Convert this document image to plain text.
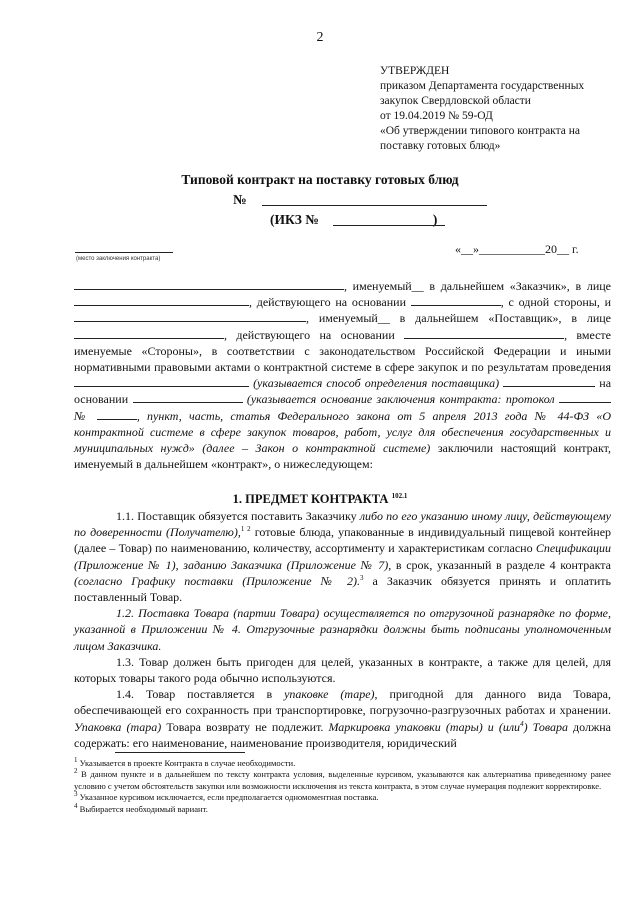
2
УТВЕРЖДЕН
приказом Департамента государственных
закупок Свердловской области
от 19.04.2019 № 59-ОД
«Об утверждении типового контракта на
поставку готовых блюд»
Типовой контракт на поставку готовых блюд
№
(ИКЗ №	)
(место заключения контракта)
«__»___________20__ г.

, именуемый__ в дальнейшем «Заказчик», в лице , действующего на основании	, с одной стороны, и , именуемый__ в дальнейшем «Поставщик», в лице , действующего на основании	, вместе именуемые «Стороны», в соответствии с законодательством Российской Федерации и иными нормативными правовыми актами о контрактной системе в сфере закупок и по результатам проведения  (указывается способ определения поставщика)	на основании	(указывается основание заключения контракта: протокол  №	, пункт, часть, статья Федерального закона от 5 апреля 2013 года № 44-ФЗ «О контрактной системе в сфере закупок товаров, работ, услуг для обеспечения государственных и муниципальных нужд» (далее – Закон о контрактной системе) заключили настоящий контракт, именуемый в дальнейшем «контракт», о нижеследующем:

1. ПРЕДМЕТ КОНТРАКТА $^{102.1}$

1.1. Поставщик обязуется поставить Заказчику либо по его указанию иному лицу, действующему по доверенности (Получателю),$^{1 2}$ готовые блюда, упакованные в индивидуальный пищевой контейнер (далее – Товар) по наименованию, количеству, ассортименту и характеристикам согласно Спецификации (Приложение № 1), заданию Заказчика (Приложение № 7), в срок, указанный в разделе 4 контракта (согласно Графику поставки (Приложение № 2).$^3$ а Заказчик обязуется принять и оплатить поставленный Товар.

1.2. Поставка Товара (партии Товара) осуществляется по отгрузочной разнарядке по форме, указанной в Приложении № 4. Отгрузочные разнарядки должны быть подписаны уполномоченным лицом Заказчика.

1.3. Товар должен быть пригоден для целей, указанных в контракте, а также для целей, для которых товары такого рода обычно используются.

1.4. Товар поставляется в упаковке (таре), пригодной для данного вида Товара, обеспечивающей его сохранность при транспортировке, погрузочно-разгрузочных работах и хранении. Упаковка (тара) Товара возврату не подлежит. Маркировка упаковки (тары) и (или$^4$) Товара должна содержать: его наименование, наименование производителя, юридический

$^1$ Указывается в проекте Контракта в случае необходимости.
$^2$ В данном пункте и в дальнейшем по тексту контракта условия, выделенные курсивом, указываются как альтернатива приведенному ранее условию с учетом обстоятельств закупки или возможности исключения из текста контракта, в этом случае нумерация подлежит корректировке.
$^3$ Указанное курсивом исключается, если предполагается одномоментная поставка.
$^4$ Выбирается необходимый вариант.
